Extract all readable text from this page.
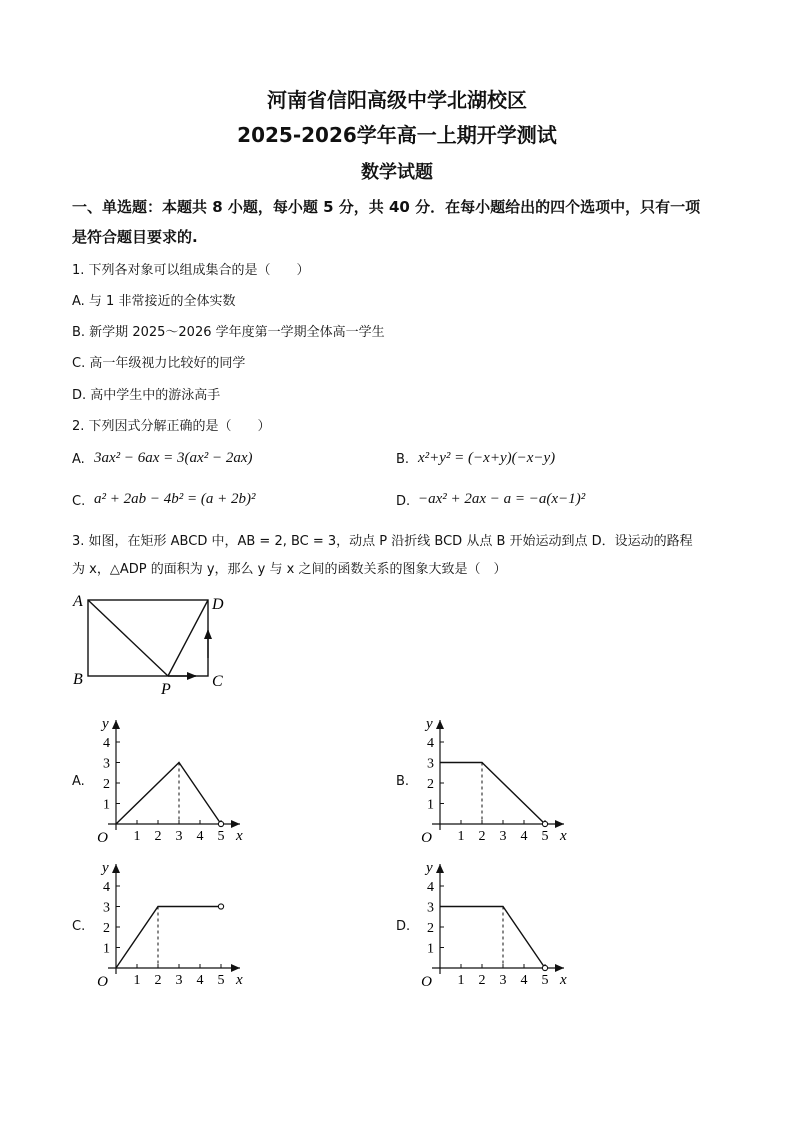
河南省信阳高级中学北湖校区
2025-2026学年高一上期开学测试
数学试题
一、单选题：本题共 8 小题，每小题 5 分，共 40 分．在每小题给出的四个选项中，只有一项
是符合题目要求的.
1. 下列各对象可以组成集合的是（　　）
A. 与 1 非常接近的全体实数
B. 新学期 2025～2026 学年度第一学期全体高一学生
C. 高一年级视力比较好的同学
D. 高中学生中的游泳高手
2. 下列因式分解正确的是（　　）
A. 3ax² − 6ax = 3(ax² − 2ax)	B. x²+y² = (−x+y)(−x−y)
C. a² + 2ab − 4b² = (a + 2b)²	D. −ax² + 2ax − a = −a(x−1)²
3. 如图，在矩形 ABCD 中，AB = 2, BC = 3，动点 P 沿折线 BCD 从点 B 开始运动到点 D．设运动的路程
为 x，△ADP 的面积为 y，那么 y 与 x 之间的函数关系的图象大致是（　）
A	D
B
P	C
A.	B.
C.	D.
1 2 3 4 5
1
2
3
4
O	x
y
1 2 3 4 5
1
2
3
4
O	x
y
1 2 3 4 5
1
2
3
4
O	x
y
1 2 3 4 5
1
2
3
4
O	x
y
